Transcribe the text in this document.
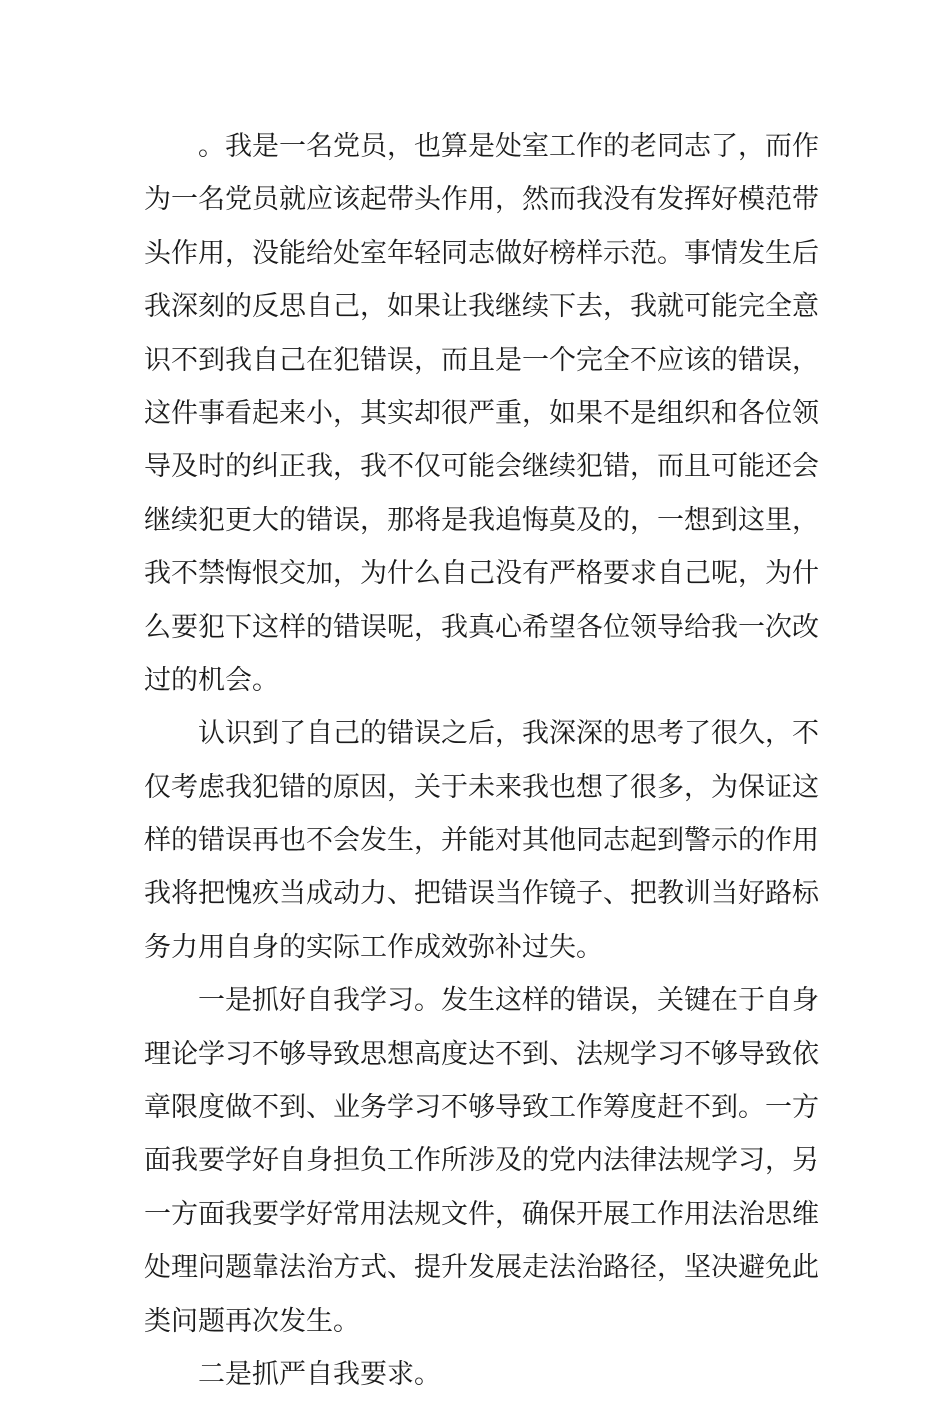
。我是一名党员，也算是处室工作的老同志了，而作
为一名党员就应该起带头作用，然而我没有发挥好模范带
头作用，没能给处室年轻同志做好榜样示范。事情发生后
我深刻的反思自己，如果让我继续下去，我就可能完全意
识不到我自己在犯错误，而且是一个完全不应该的错误，
这件事看起来小，其实却很严重，如果不是组织和各位领
导及时的纠正我，我不仅可能会继续犯错，而且可能还会
继续犯更大的错误，那将是我追悔莫及的，一想到这里，
我不禁悔恨交加，为什么自己没有严格要求自己呢，为什
么要犯下这样的错误呢，我真心希望各位领导给我一次改
过的机会。
认识到了自己的错误之后，我深深的思考了很久，不
仅考虑我犯错的原因，关于未来我也想了很多，为保证这
样的错误再也不会发生，并能对其他同志起到警示的作用
我将把愧疚当成动力、把错误当作镜子、把教训当好路标
务力用自身的实际工作成效弥补过失。
一是抓好自我学习。发生这样的错误，关键在于自身
理论学习不够导致思想高度达不到、法规学习不够导致依
章限度做不到、业务学习不够导致工作筹度赶不到。一方
面我要学好自身担负工作所涉及的党内法律法规学习，另
一方面我要学好常用法规文件，确保开展工作用法治思维
处理问题靠法治方式、提升发展走法治路径，坚决避免此
类问题再次发生。
二是抓严自我要求。
